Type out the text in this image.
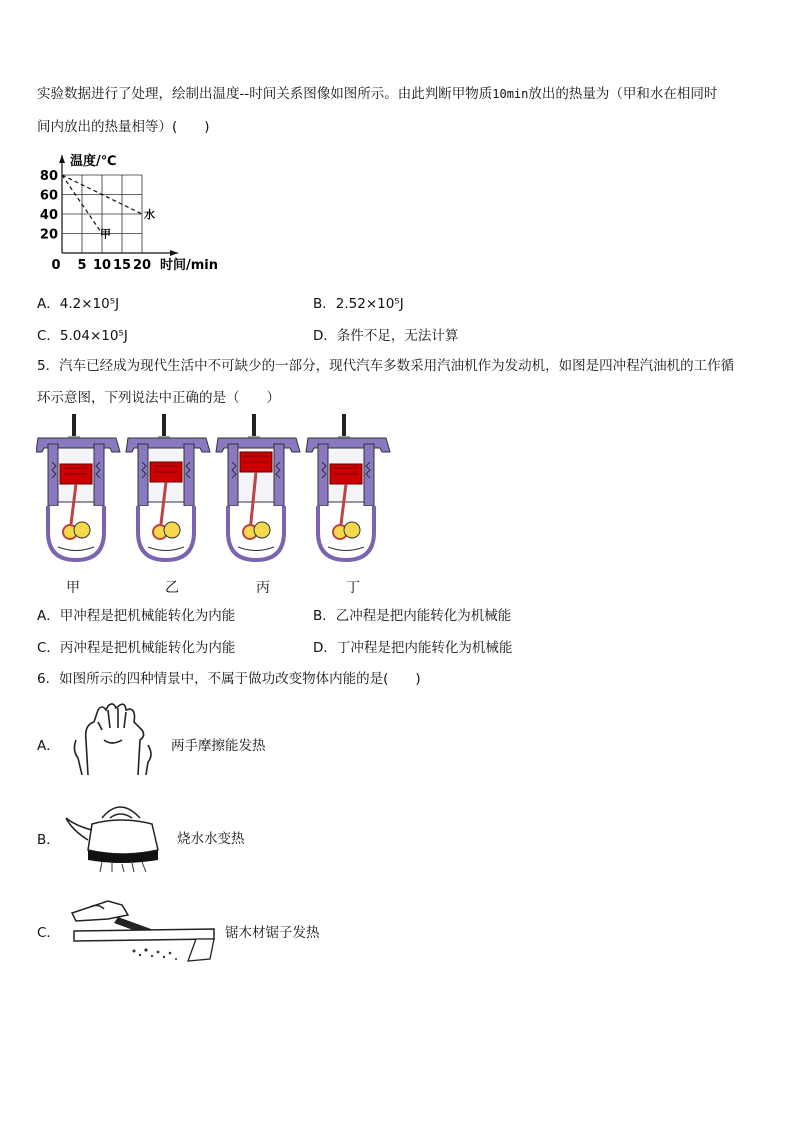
实验数据进行了处理，绘制出温度--时间关系图像如图所示。由此判断甲物质10min放出的热量为（甲和水在相同时
间内放出的热量相等）(　　)
80
60
40
20
0 5 10 15 20
温度/℃
时间/min
甲
水
A．4.2×10⁵J	B．2.52×10⁵J
C．5.04×10⁵J	D．条件不足，无法计算
5．汽车已经成为现代生活中不可缺少的一部分，现代汽车多数采用汽油机作为发动机，如图是四冲程汽油机的工作循
环示意图，下列说法中正确的是（　　）
甲	乙	丙	丁
A．甲冲程是把机械能转化为内能	B．乙冲程是把内能转化为机械能
C．丙冲程是把机械能转化为内能	D．丁冲程是把内能转化为机械能
6．如图所示的四种情景中，不属于做功改变物体内能的是(　　)
A．	两手摩擦能发热
B．	烧水水变热
C．	锯木材锯子发热
